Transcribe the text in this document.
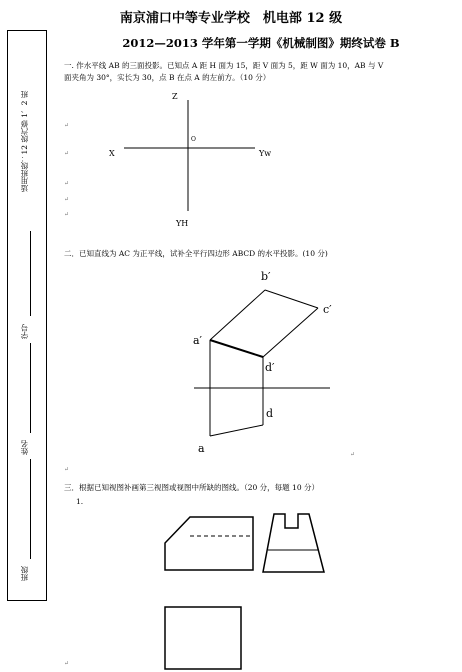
南京浦口中等专业学校　机电部 12 级
2012—2013 学年第一学期《机械制图》期终试卷 B
适用班级：12 级汽修 1、2 班
学号
姓名
班级
一. 作水平线 AB 的三面投影。已知点 A 距 H 面为 15，距 V 面为 5，距 W 面为 10，AB 与 V
面夹角为 30°，实长为 30，点 B 在点 A 的左前方。（10 分）
↵
↵
↵
↵
↵
Z
X	Yw
YH
O
二．已知直线为 AC 为正平线，试补全平行四边形 ABCD 的水平投影。(10 分)
b′
c′
a′
d′
d
a	↵
↵
三．根据已知视图补画第三视图或视图中所缺的图线。（20 分，每题 10 分）
1.
↵
